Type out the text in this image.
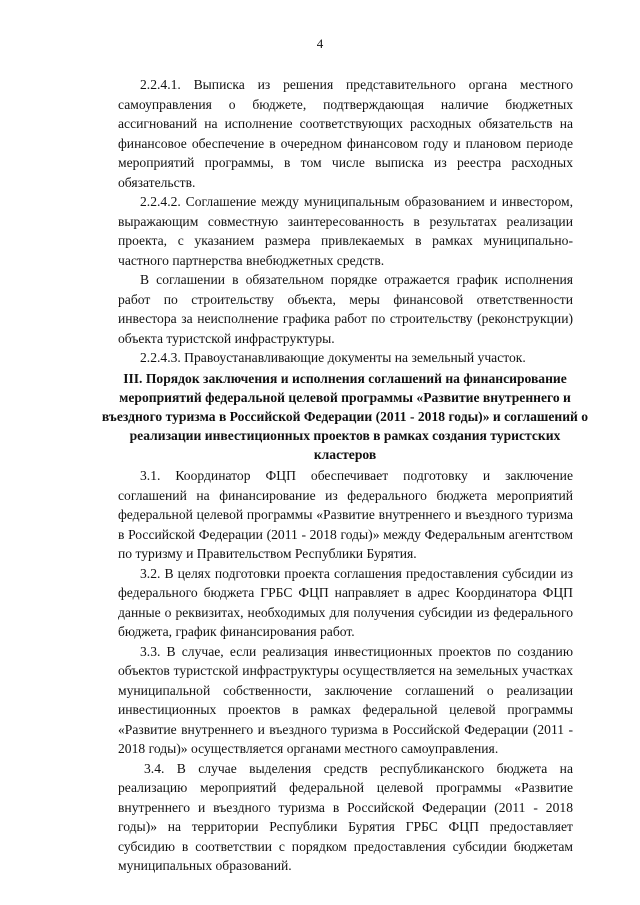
4

2.2.4.1. Выписка из решения представительного органа местного самоуправления о бюджете, подтверждающая наличие бюджетных ассигнований на исполнение соответствующих расходных обязательств на финансовое обеспечение в очередном финансовом году и плановом периоде мероприятий программы, в том числе выписка из реестра расходных обязательств.

2.2.4.2. Соглашение между муниципальным образованием и инвестором, выражающим совместную заинтересованность в результатах реализации проекта, с указанием размера привлекаемых в рамках муниципально-частного партнерства внебюджетных средств.

В соглашении в обязательном порядке отражается график исполнения работ по строительству объекта, меры финансовой ответственности инвестора за неисполнение графика работ по строительству (реконструкции) объекта туристской инфраструктуры.

2.2.4.3. Правоустанавливающие документы на земельный участок.

III. Порядок заключения и исполнения соглашений на финансирование мероприятий федеральной целевой программы «Развитие внутреннего и въездного туризма в Российской Федерации (2011 - 2018 годы)» и соглашений о реализации инвестиционных проектов в рамках создания туристских кластеров

3.1. Координатор ФЦП обеспечивает подготовку и заключение соглашений на финансирование из федерального бюджета мероприятий федеральной целевой программы «Развитие внутреннего и въездного туризма в Российской Федерации (2011 - 2018 годы)» между Федеральным агентством по туризму и Правительством Республики Бурятия.

3.2. В целях подготовки проекта соглашения предоставления субсидии из федерального бюджета ГРБС ФЦП направляет в адрес Координатора ФЦП данные о реквизитах, необходимых для получения субсидии из федерального бюджета, график финансирования работ.

3.3. В случае, если реализация инвестиционных проектов по созданию объектов туристской инфраструктуры осуществляется на земельных участках муниципальной собственности, заключение соглашений о реализации инвестиционных проектов в рамках федеральной целевой программы «Развитие внутреннего и въездного туризма в Российской Федерации (2011 - 2018 годы)» осуществляется органами местного самоуправления.

3.4. В случае выделения средств республиканского бюджета на реализацию мероприятий федеральной целевой программы «Развитие внутреннего и въездного туризма в Российской Федерации (2011 - 2018 годы)» на территории Республики Бурятия ГРБС ФЦП предоставляет субсидию в соответствии с порядком предоставления субсидии бюджетам муниципальных образований.
